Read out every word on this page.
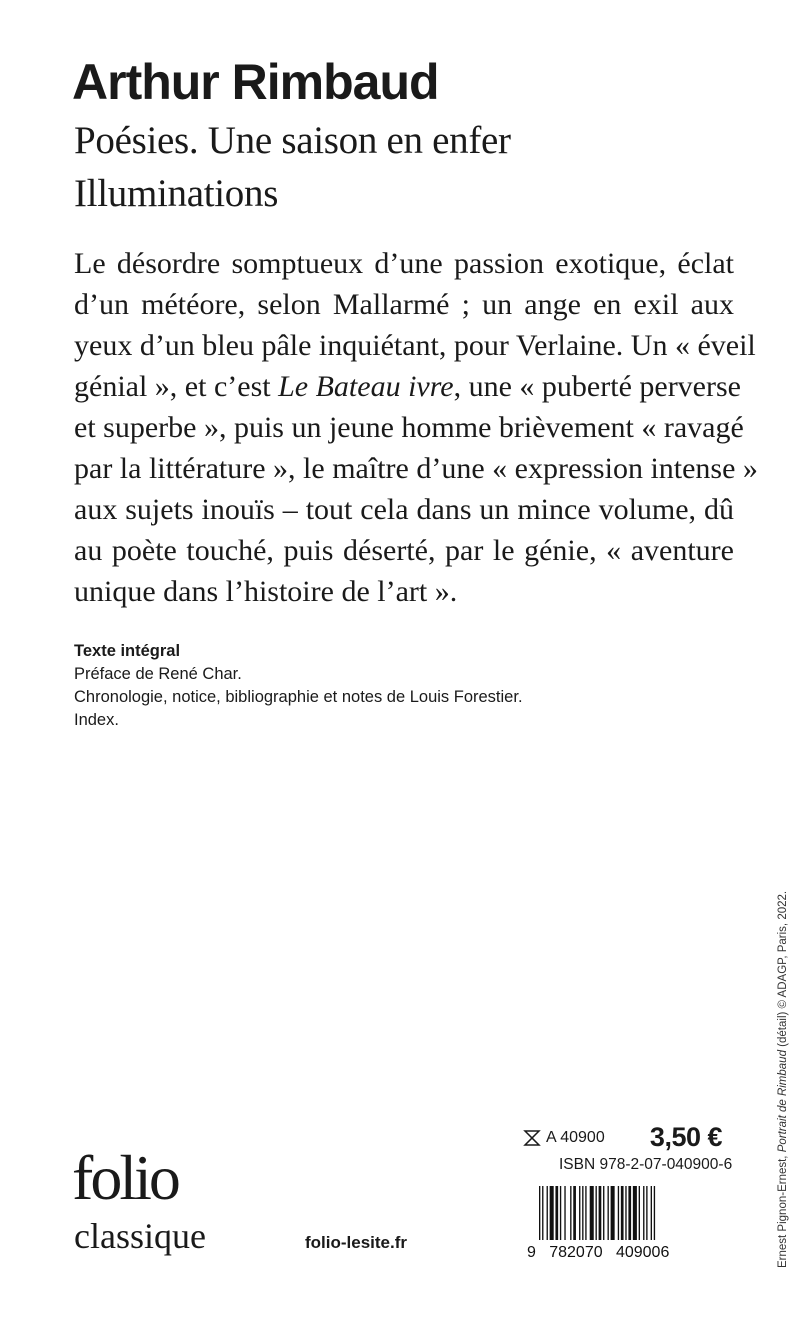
Arthur Rimbaud
Poésies. Une saison en enfer
Illuminations
Le désordre somptueux d’une passion exotique, éclat
d’un météore, selon Mallarmé ; un ange en exil aux
yeux d’un bleu pâle inquiétant, pour Verlaine. Un « éveil
génial », et c’est Le Bateau ivre, une « puberté perverse
et superbe », puis un jeune homme brièvement « ravagé
par la littérature », le maître d’une « expression intense »
aux sujets inouïs – tout cela dans un mince volume, dû
au poète touché, puis déserté, par le génie, « aventure
unique dans l’histoire de l’art ».
Texte intégral
Préface de René Char.
Chronologie, notice, bibliographie et notes de Louis Forestier.
Index.
Ernest Pignon-Ernest, Portrait de Rimbaud (détail) © ADAGP, Paris, 2022.
folio
classique	folio-lesite.fr
A 40900 3,50 €
ISBN 978-2-07-040900-6
9   782070   409006
